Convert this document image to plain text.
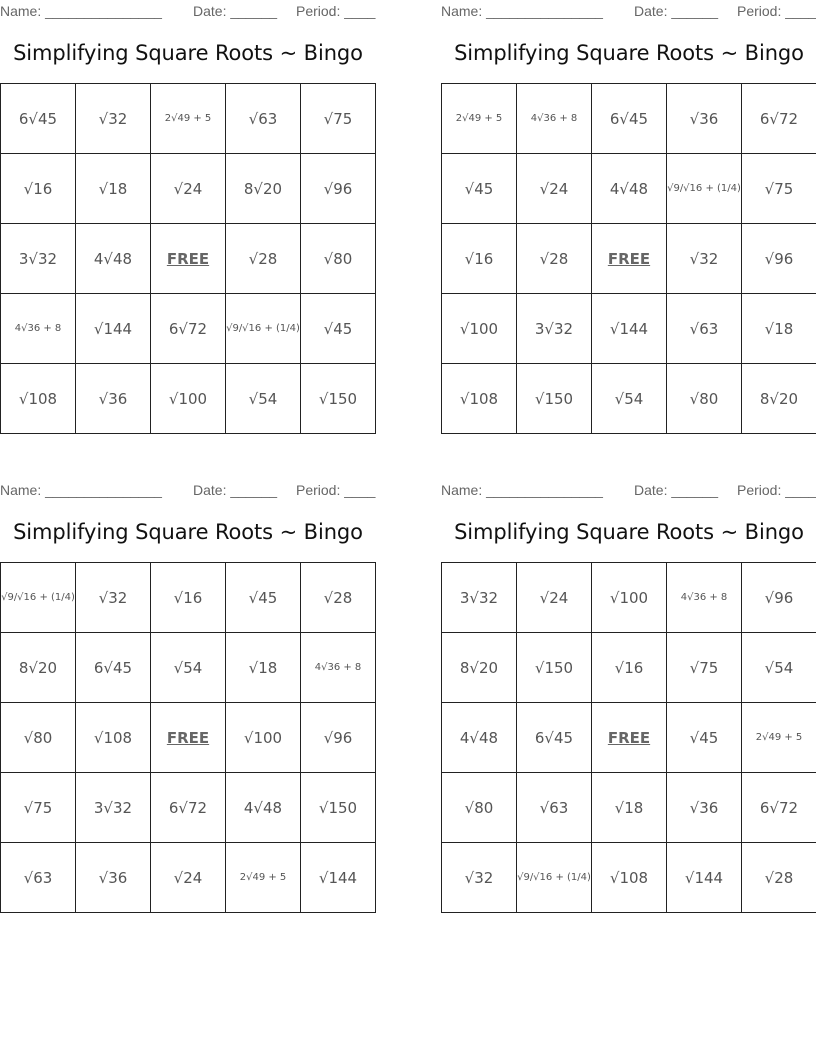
Name: _______________ Date: ______ Period: ____
Simplifying Square Roots ~ Bingo
6√45	√32	2√49 + 5	√63	√75
√16	√18	√24	8√20	√96
3√32	4√48	FREE	√28	√80
4√36 + 8	√144	6√72	√9/√16 + (1/4)	√45
√108	√36	√100	√54	√150
Name: _______________ Date: ______ Period: ____
Simplifying Square Roots ~ Bingo
2√49 + 5	4√36 + 8	6√45	√36	6√72
√45	√24	4√48	√9/√16 + (1/4)	√75
√16	√28	FREE	√32	√96
√100	3√32	√144	√63	√18
√108	√150	√54	√80	8√20
Name: _______________ Date: ______ Period: ____
Simplifying Square Roots ~ Bingo
√9/√16 + (1/4)	√32	√16	√45	√28
8√20	6√45	√54	√18	4√36 + 8
√80	√108	FREE	√100	√96
√75	3√32	6√72	4√48	√150
√63	√36	√24	2√49 + 5	√144
Name: _______________ Date: ______ Period: ____
Simplifying Square Roots ~ Bingo
3√32	√24	√100	4√36 + 8	√96
8√20	√150	√16	√75	√54
4√48	6√45	FREE	√45	2√49 + 5
√80	√63	√18	√36	6√72
√32	√9/√16 + (1/4)	√108	√144	√28
